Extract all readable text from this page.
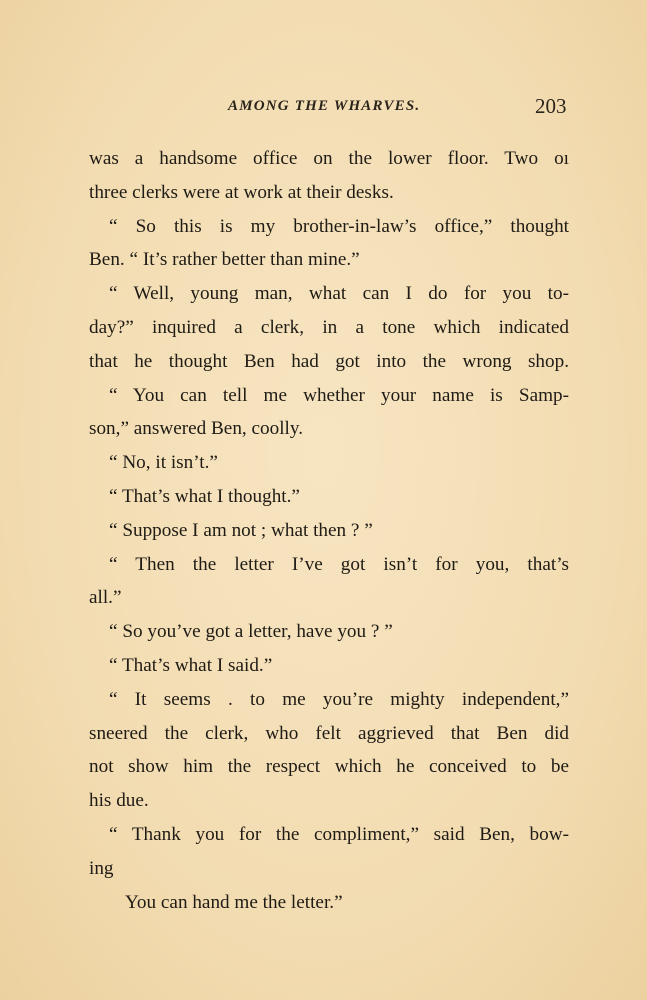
AMONG THE WHARVES.	203
was a handsome office on the lower floor. Two oı
three clerks were at work at their desks.
“ So this is my brother-in-law’s office,” thought
Ben. “ It’s rather better than mine.”
“ Well, young man, what can I do for you to-
day?” inquired a clerk, in a tone which indicated
that he thought Ben had got into the wrong shop.
“ You can tell me whether your name is Samp-
son,” answered Ben, coolly.
“ No, it isn’t.”
“ That’s what I thought.”
“ Suppose I am not ; what then ? ”
“ Then the letter I’ve got isn’t for you, that’s
all.”
“ So you’ve got a letter, have you ? ”
“ That’s what I said.”
“ It seems . to me you’re mighty independent,”
sneered the clerk, who felt aggrieved that Ben did
not show him the respect which he conceived to be
his due.
“ Thank you for the compliment,” said Ben, bow-
ing
You can hand me the letter.”
